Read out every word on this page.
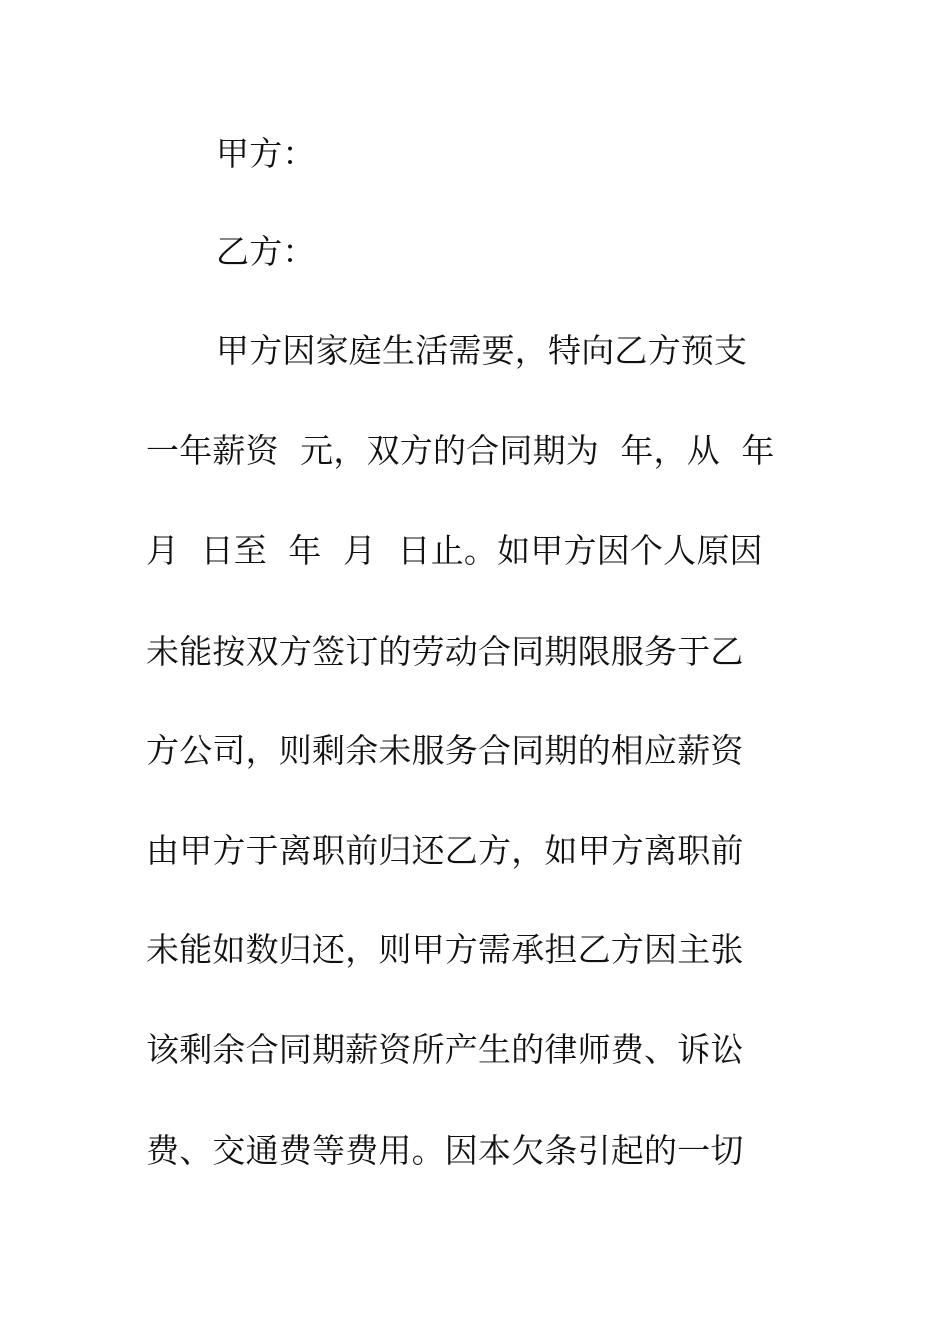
甲方：
乙方：
甲方因家庭生活需要，特向乙方预支
一年薪资  元，双方的合同期为  年，从  年
月  日至  年  月  日止。如甲方因个人原因
未能按双方签订的劳动合同期限服务于乙
方公司，则剩余未服务合同期的相应薪资
由甲方于离职前归还乙方，如甲方离职前
未能如数归还，则甲方需承担乙方因主张
该剩余合同期薪资所产生的律师费、诉讼
费、交通费等费用。因本欠条引起的一切
